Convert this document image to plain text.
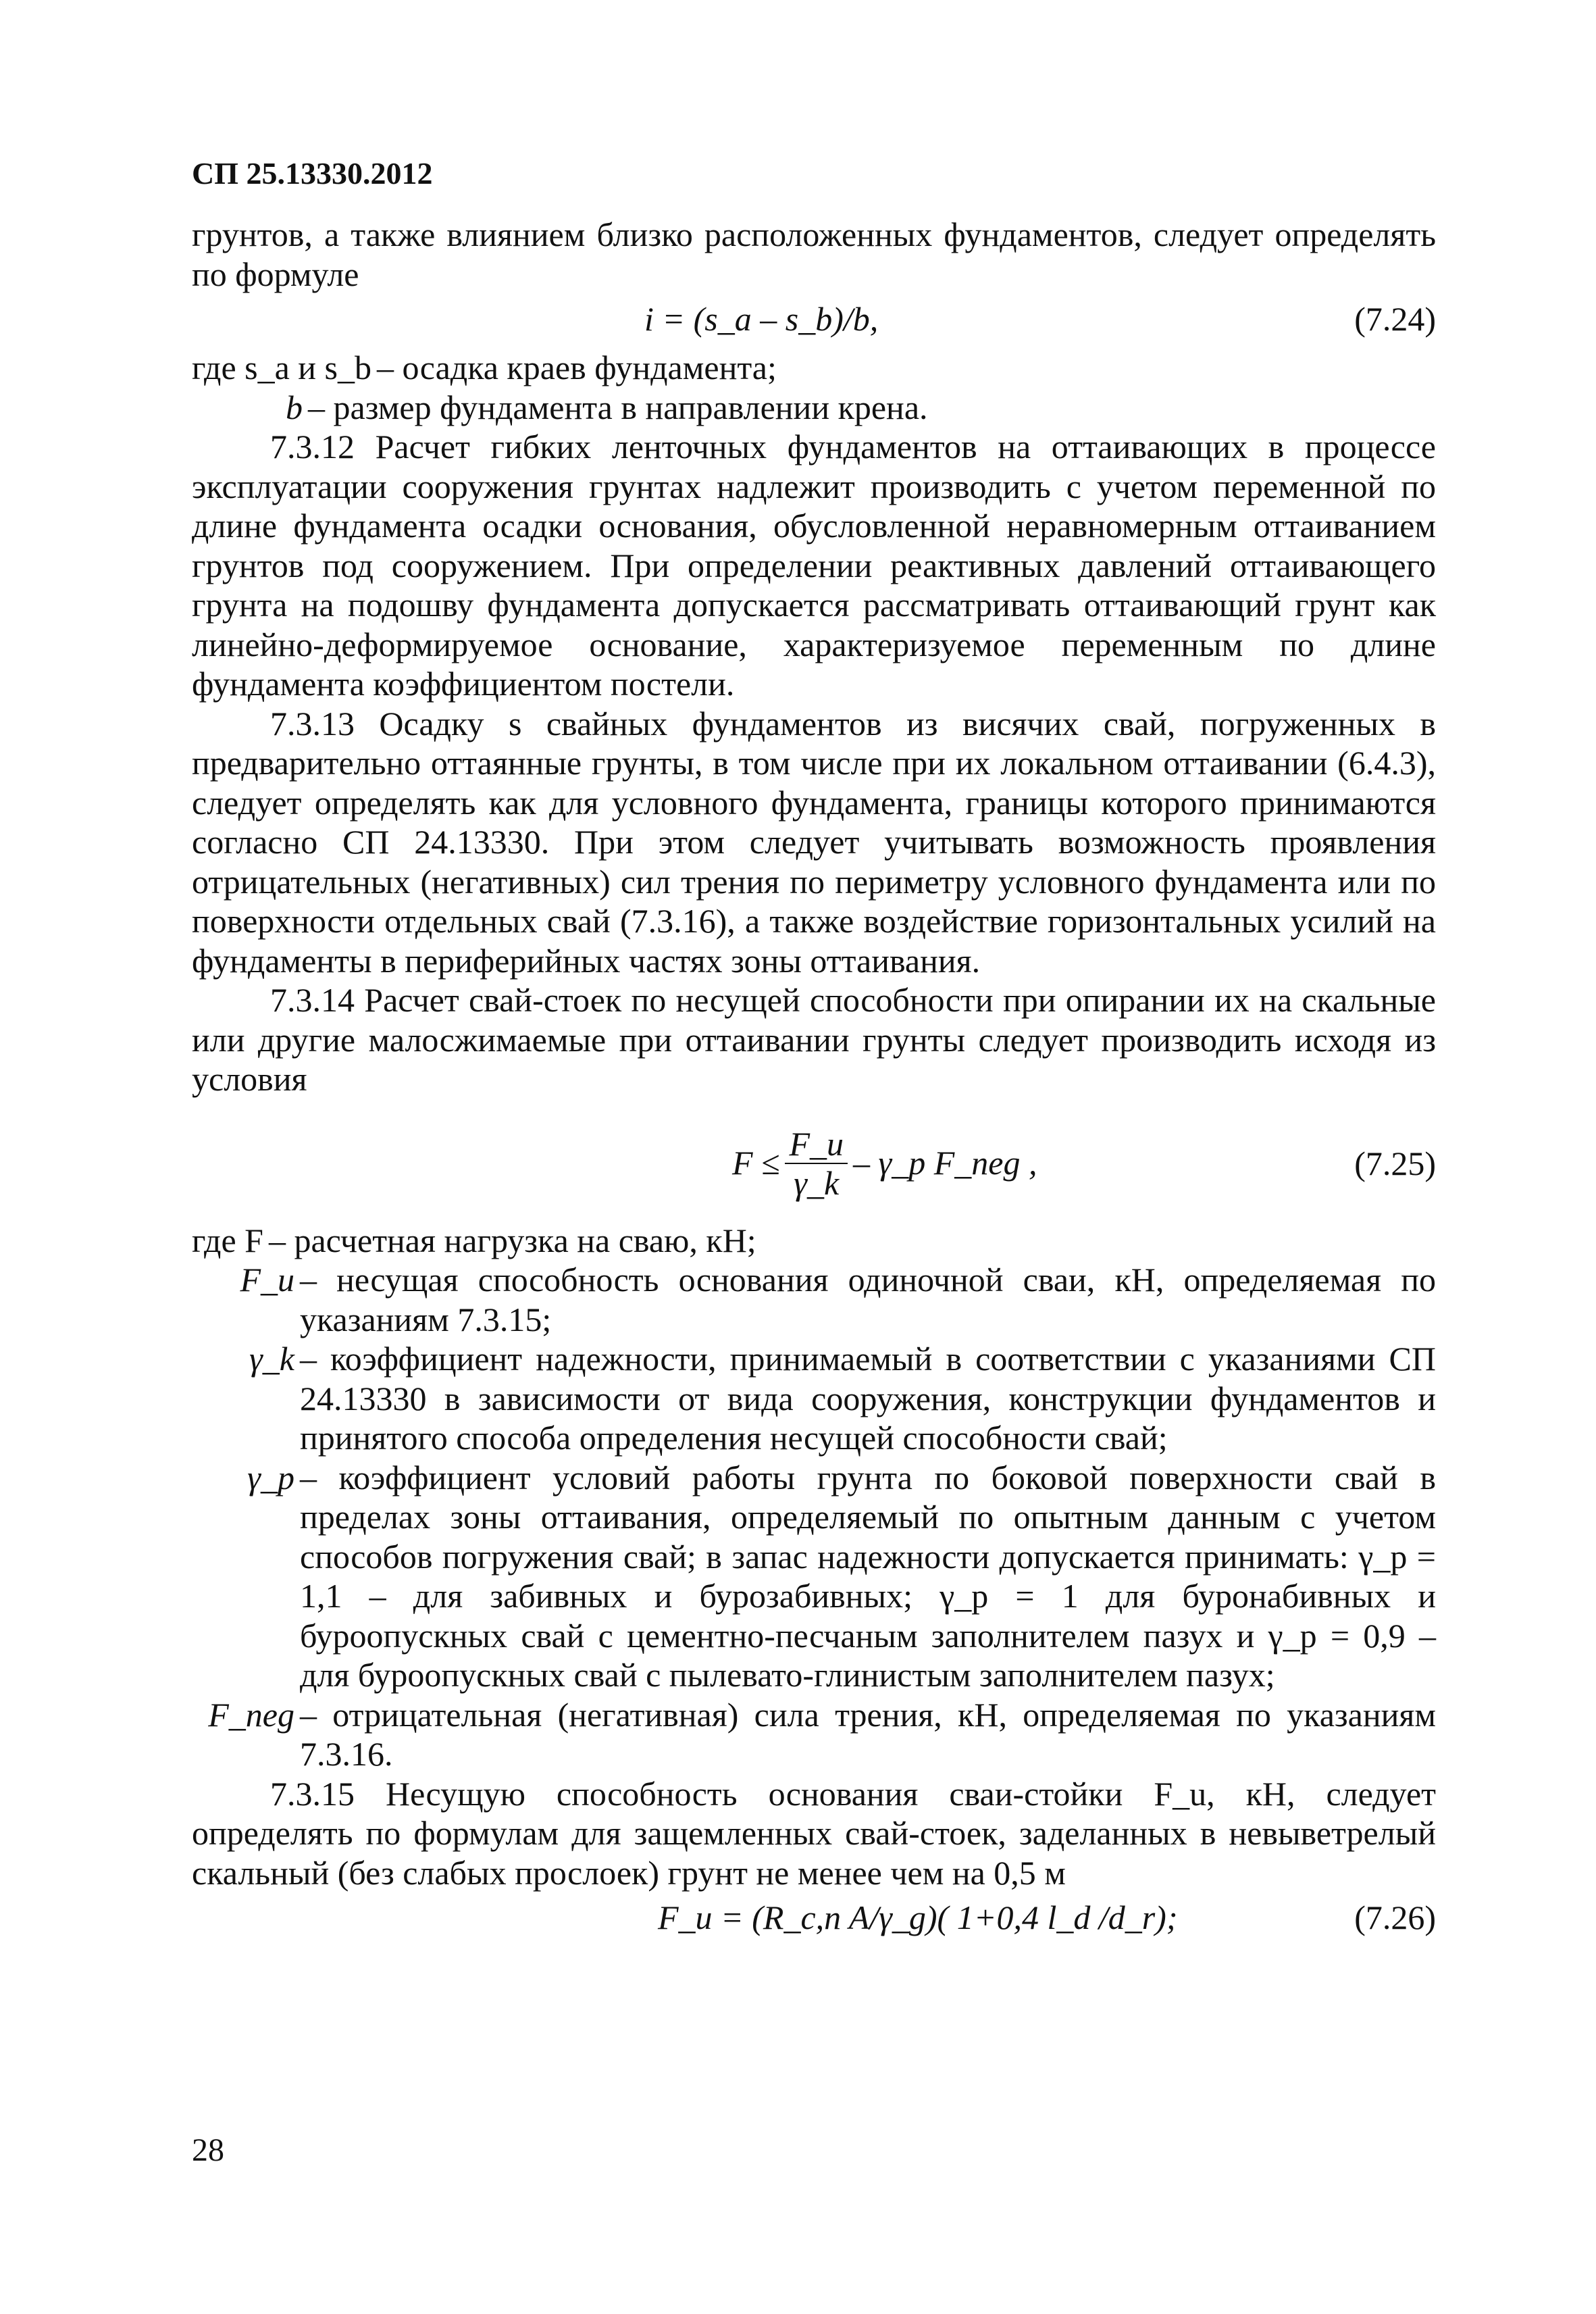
СП 25.13330.2012

грунтов, а также влиянием близко расположенных фундаментов, следует определять по формуле

i = (s_a – s_b)/b,	(7.24)
где s_a и s_b – осадка краев фундамента;
b – размер фундамента в направлении крена.

7.3.12 Расчет гибких ленточных фундаментов на оттаивающих в процессе эксплуатации сооружения грунтах надлежит производить с учетом переменной по длине фундамента осадки основания, обусловленной неравномерным оттаиванием грунтов под сооружением. При определении реактивных давлений оттаивающего грунта на подошву фундамента допускается рассматривать оттаивающий грунт как линейно-деформируемое основание, характеризуемое переменным по длине фундамента коэффициентом постели.

7.3.13 Осадку s свайных фундаментов из висячих свай, погруженных в предварительно оттаянные грунты, в том числе при их локальном оттаивании (6.4.3), следует определять как для условного фундамента, границы которого принимаются согласно СП 24.13330. При этом следует учитывать возможность проявления отрицательных (негативных) сил трения по периметру условного фундамента или по поверхности отдельных свай (7.3.16), а также воздействие горизонтальных усилий на фундаменты в периферийных частях зоны оттаивания.

7.3.14 Расчет свай-стоек по несущей способности при опирании их на скальные или другие малосжимаемые при оттаивании грунты следует производить исходя из условия

$F \le \frac{F\_u}{\gamma\_k}$ – γ_p F_neg ,	(7.25)
где F – расчетная нагрузка на сваю, кН;
F_u – несущая способность основания одиночной сваи, кН, определяемая по указаниям 7.3.15;
γ_k – коэффициент надежности, принимаемый в соответствии с указаниями СП 24.13330 в зависимости от вида сооружения, конструкции фундаментов и принятого способа определения несущей способности свай;
γ_p – коэффициент условий работы грунта по боковой поверхности свай в пределах зоны оттаивания, определяемый по опытным данным с учетом способов погружения свай; в запас надежности допускается принимать: γ_p = 1,1 – для забивных и бурозабивных; γ_p = 1 для буронабивных и буроопускных свай с цементно-песчаным заполнителем пазух и γ_p = 0,9 – для буроопускных свай с пылевато-глинистым заполнителем пазух;
F_neg – отрицательная (негативная) сила трения, кН, определяемая по указаниям 7.3.16.

7.3.15 Несущую способность основания сваи-стойки F_u, кН, следует определять по формулам для защемленных свай-стоек, заделанных в невыветрелый скальный (без слабых прослоек) грунт не менее чем на 0,5 м

F_u = (R_c,n A/γ_g)( 1+0,4 l_d /d_r);	(7.26)
28
